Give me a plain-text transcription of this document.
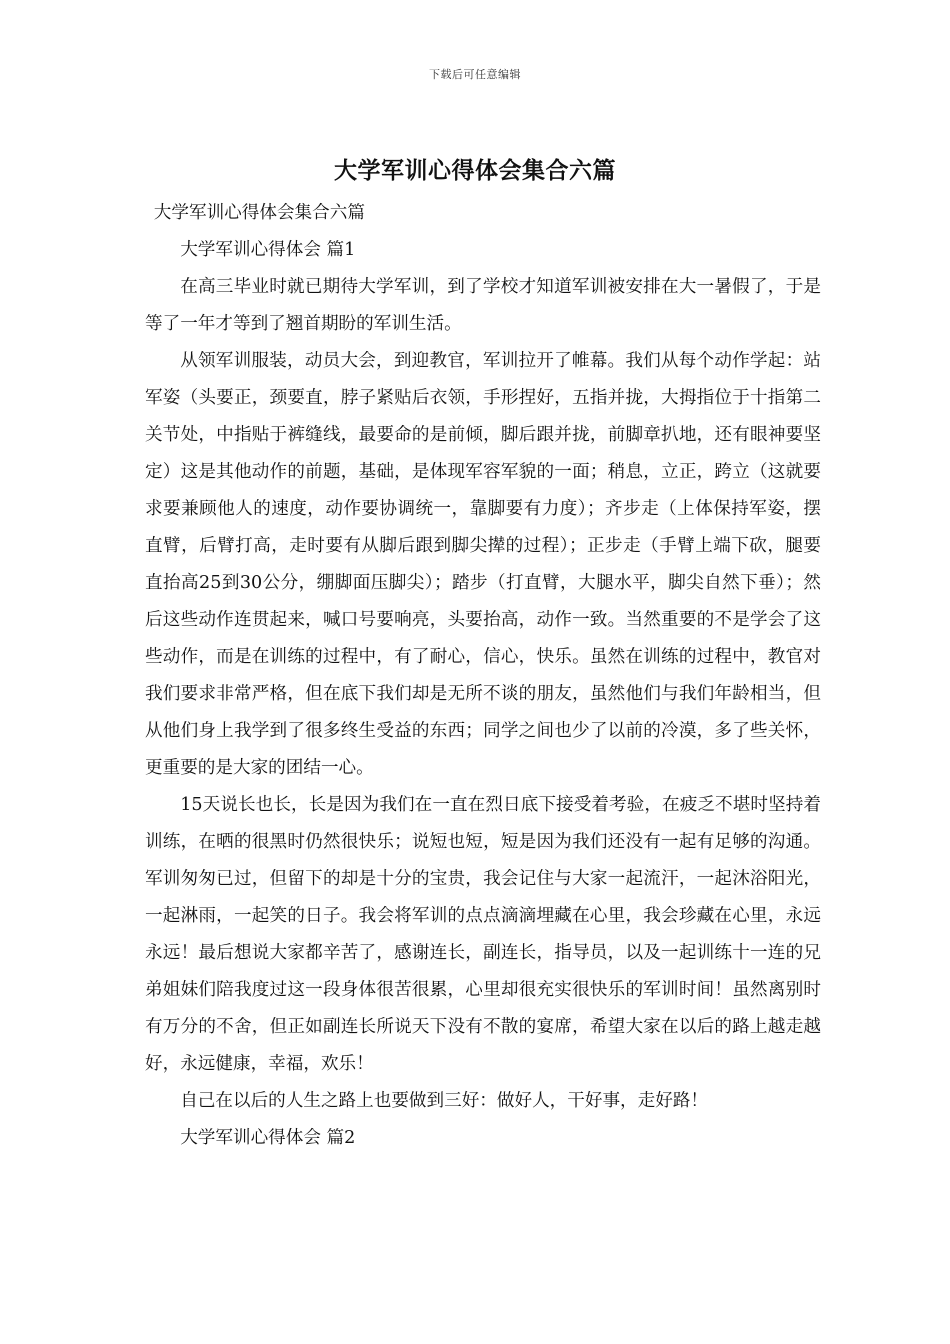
下载后可任意编辑
大学军训心得体会集合六篇

大学军训心得体会集合六篇

大学军训心得体会 篇1

在高三毕业时就已期待大学军训，到了学校才知道军训被安排在大一暑假了，于是等了一年才等到了翘首期盼的军训生活。

从领军训服装，动员大会，到迎教官，军训拉开了帷幕。我们从每个动作学起：站军姿（头要正，颈要直，脖子紧贴后衣领，手形捏好，五指并拢，大拇指位于十指第二关节处，中指贴于裤缝线，最要命的是前倾，脚后跟并拢，前脚章扒地，还有眼神要坚定）这是其他动作的前题，基础，是体现军容军貌的一面；稍息，立正，跨立（这就要求要兼顾他人的速度，动作要协调统一，靠脚要有力度）；齐步走（上体保持军姿，摆直臂，后臂打高，走时要有从脚后跟到脚尖撵的过程）；正步走（手臂上端下砍，腿要直抬高25到30公分，绷脚面压脚尖）；踏步（打直臂，大腿水平，脚尖自然下垂）；然后这些动作连贯起来，喊口号要响亮，头要抬高，动作一致。当然重要的不是学会了这些动作，而是在训练的过程中，有了耐心，信心，快乐。虽然在训练的过程中，教官对我们要求非常严格，但在底下我们却是无所不谈的朋友，虽然他们与我们年龄相当，但从他们身上我学到了很多终生受益的东西；同学之间也少了以前的冷漠，多了些关怀，更重要的是大家的团结一心。

15天说长也长，长是因为我们在一直在烈日底下接受着考验，在疲乏不堪时坚持着训练，在晒的很黑时仍然很快乐；说短也短，短是因为我们还没有一起有足够的沟通。军训匆匆已过，但留下的却是十分的宝贵，我会记住与大家一起流汗，一起沐浴阳光，一起淋雨，一起笑的日子。我会将军训的点点滴滴埋藏在心里，我会珍藏在心里，永远永远！最后想说大家都辛苦了，感谢连长，副连长，指导员，以及一起训练十一连的兄弟姐妹们陪我度过这一段身体很苦很累，心里却很充实很快乐的军训时间！虽然离别时有万分的不舍，但正如副连长所说天下没有不散的宴席，希望大家在以后的路上越走越好，永远健康，幸福，欢乐！

自己在以后的人生之路上也要做到三好：做好人，干好事，走好路！

大学军训心得体会 篇2
